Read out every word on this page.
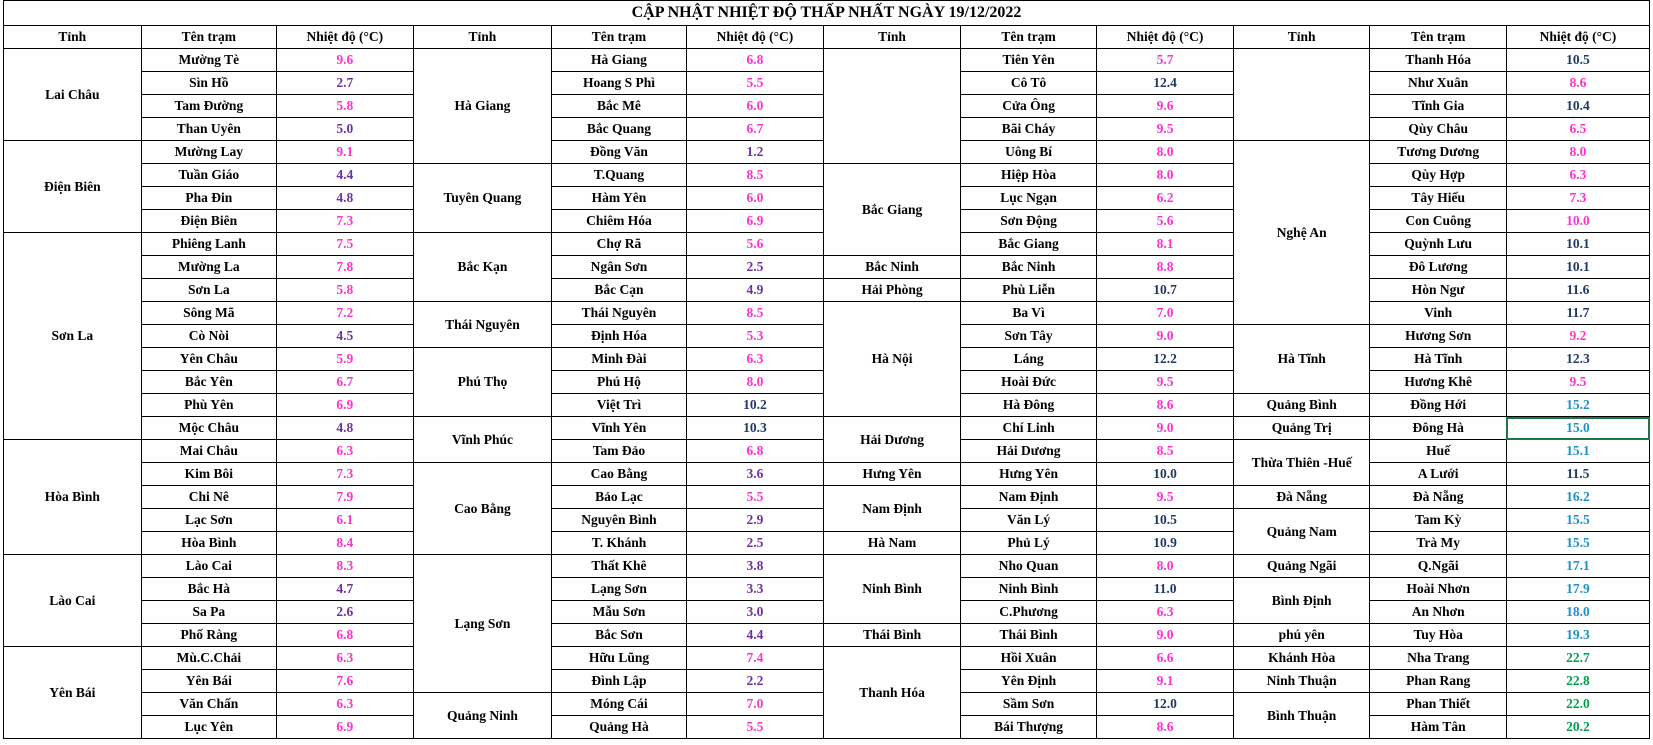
CẬP NHẬT NHIỆT ĐỘ THẤP NHẤT NGÀY 19/12/2022											
Tỉnh	Tên trạm	Nhiệt độ (°C)	Tỉnh	Tên trạm	Nhiệt độ (°C)	Tỉnh	Tên trạm	Nhiệt độ (°C)	Tỉnh	Tên trạm	Nhiệt độ (°C)
Lai Châu	Mường Tè	9.6	Hà Giang	Hà Giang	6.8		Tiên Yên	5.7		Thanh Hóa	10.5
	Sìn Hồ	2.7		Hoang S Phì	5.5		Cô Tô	12.4		Như Xuân	8.6
	Tam Đường	5.8		Bắc Mê	6.0		Cửa Ông	9.6		Tĩnh Gia	10.4
	Than Uyên	5.0		Bắc Quang	6.7		Bãi Cháy	9.5		Qùy Châu	6.5
Điện Biên	Mường Lay	9.1		Đồng Văn	1.2		Uông Bí	8.0	Nghệ An	Tương Dương	8.0
	Tuần Giáo	4.4	Tuyên Quang	T.Quang	8.5	Bắc Giang	Hiệp Hòa	8.0		Qùy Hợp	6.3
	Pha Đin	4.8		Hàm Yên	6.0		Lục Ngạn	6.2		Tây Hiếu	7.3
	Điện Biên	7.3		Chiêm Hóa	6.9		Sơn Động	5.6		Con Cuông	10.0
Sơn La	Phiêng Lanh	7.5	Bắc Kạn	Chợ Rã	5.6		Bắc Giang	8.1		Quỳnh Lưu	10.1
	Mường La	7.8		Ngân Sơn	2.5	Bắc Ninh	Bắc Ninh	8.8		Đô Lương	10.1
	Sơn La	5.8		Bắc Cạn	4.9	Hải Phòng	Phù Liễn	10.7		Hòn Ngư	11.6
	Sông Mã	7.2	Thái Nguyên	Thái Nguyên	8.5	Hà Nội	Ba Vì	7.0		Vinh	11.7
	Cò Nòi	4.5		Định Hóa	5.3		Sơn Tây	9.0	Hà Tĩnh	Hương Sơn	9.2
	Yên Châu	5.9	Phú Thọ	Minh Đài	6.3		Láng	12.2		Hà Tĩnh	12.3
	Bắc Yên	6.7		Phú Hộ	8.0		Hoài Đức	9.5		Hương Khê	9.5
	Phù Yên	6.9		Việt Trì	10.2		Hà Đông	8.6	Quảng Bình	Đồng Hới	15.2
	Mộc Châu	4.8	Vĩnh Phúc	Vĩnh Yên	10.3	Hải Dương	Chí Linh	9.0	Quảng Trị	Đông Hà	15.0
Hòa Bình	Mai Châu	6.3		Tam Đảo	6.8		Hải Dương	8.5	Thừa Thiên -Huế	Huế	15.1
	Kim Bôi	7.3	Cao Bằng	Cao Bằng	3.6	Hưng Yên	Hưng Yên	10.0		A Lưới	11.5
	Chi Nê	7.9		Bảo Lạc	5.5	Nam Định	Nam Định	9.5	Đà Nẵng	Đà Nẵng	16.2
	Lạc Sơn	6.1		Nguyên Bình	2.9		Văn Lý	10.5	Quảng Nam	Tam Kỳ	15.5
	Hòa Bình	8.4		T. Khánh	2.5	Hà Nam	Phủ Lý	10.9		Trà My	15.5
Lào Cai	Lào Cai	8.3	Lạng Sơn	Thất Khê	3.8	Ninh Bình	Nho Quan	8.0	Quảng Ngãi	Q.Ngãi	17.1
	Bắc Hà	4.7		Lạng Sơn	3.3		Ninh Bình	11.0	Bình Định	Hoài Nhơn	17.9
	Sa Pa	2.6		Mẫu Sơn	3.0		C.Phương	6.3		An Nhơn	18.0
	Phố Ràng	6.8		Bắc Sơn	4.4	Thái Bình	Thái Bình	9.0	phú yên	Tuy Hòa	19.3
Yên Bái	Mù.C.Chải	6.3		Hữu Lũng	7.4	Thanh Hóa	Hồi Xuân	6.6	Khánh Hòa	Nha Trang	22.7
	Yên Bái	7.6		Đình Lập	2.2		Yên Định	9.1	Ninh Thuận	Phan Rang	22.8
	Văn Chấn	6.3	Quảng Ninh	Móng Cái	7.0		Sầm Sơn	12.0	Bình Thuận	Phan Thiết	22.0
	Lục Yên	6.9		Quảng Hà	5.5		Bái Thượng	8.6		Hàm Tân	20.2
